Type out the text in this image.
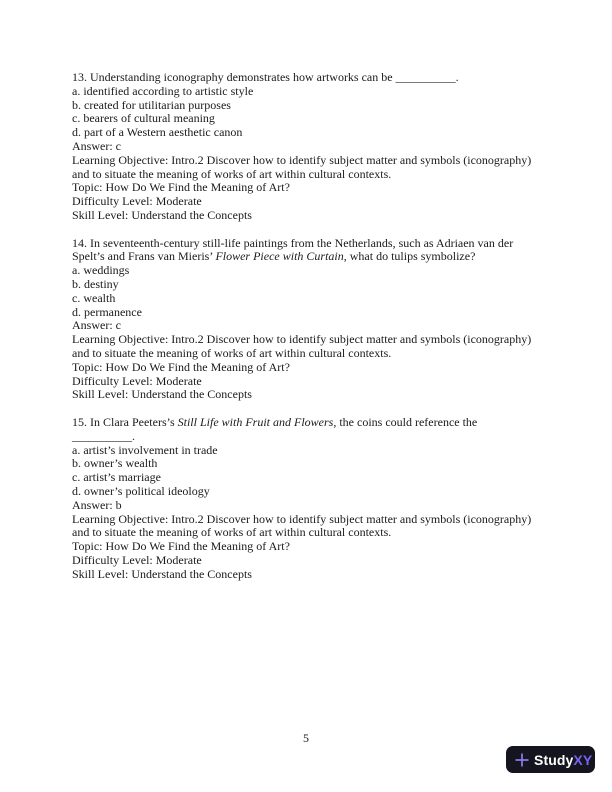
13. Understanding iconography demonstrates how artworks can be __________.
a. identified according to artistic style
b. created for utilitarian purposes
c. bearers of cultural meaning
d. part of a Western aesthetic canon
Answer: c
Learning Objective: Intro.2 Discover how to identify subject matter and symbols (iconography)
and to situate the meaning of works of art within cultural contexts.
Topic: How Do We Find the Meaning of Art?
Difficulty Level: Moderate
Skill Level: Understand the Concepts
14. In seventeenth-century still-life paintings from the Netherlands, such as Adriaen van der
Spelt’s and Frans van Mieris’ Flower Piece with Curtain, what do tulips symbolize?
a. weddings
b. destiny
c. wealth
d. permanence
Answer: c
Learning Objective: Intro.2 Discover how to identify subject matter and symbols (iconography)
and to situate the meaning of works of art within cultural contexts.
Topic: How Do We Find the Meaning of Art?
Difficulty Level: Moderate
Skill Level: Understand the Concepts
15. In Clara Peeters’s Still Life with Fruit and Flowers, the coins could reference the
__________.
a. artist’s involvement in trade
b. owner’s wealth
c. artist’s marriage
d. owner’s political ideology
Answer: b
Learning Objective: Intro.2 Discover how to identify subject matter and symbols (iconography)
and to situate the meaning of works of art within cultural contexts.
Topic: How Do We Find the Meaning of Art?
Difficulty Level: Moderate
Skill Level: Understand the Concepts
5
StudyXY
